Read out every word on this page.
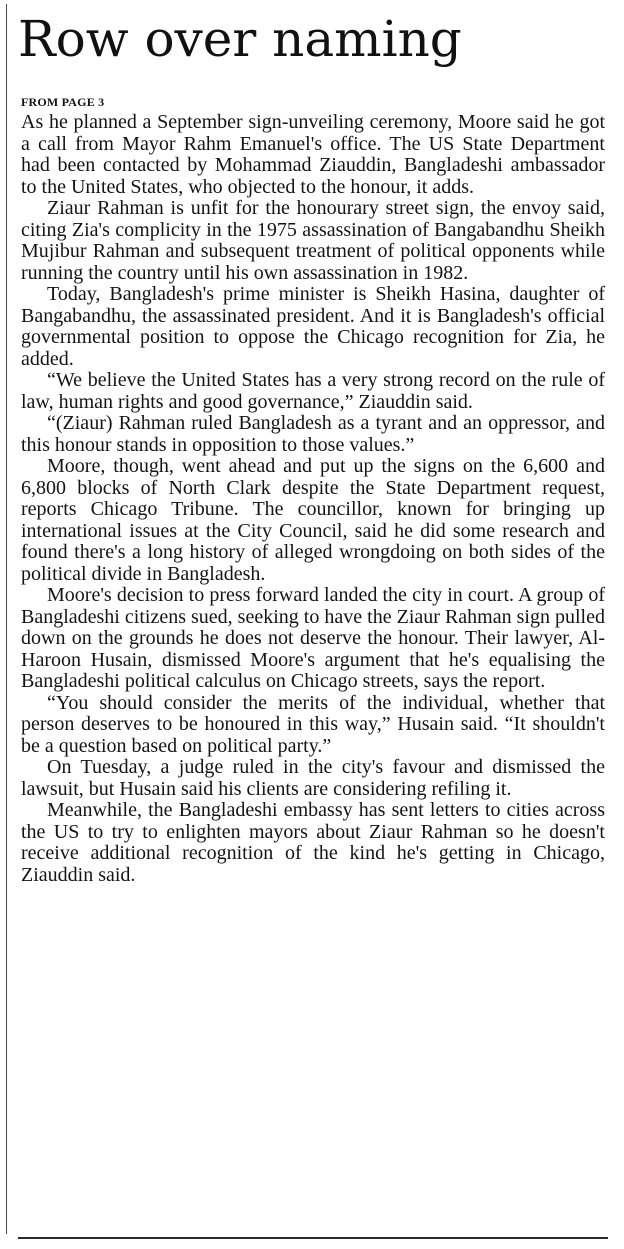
Row over naming
FROM PAGE 3

As he planned a September sign-unveiling ceremony, Moore said he got a call from Mayor Rahm Emanuel's office. The US State Department had been contacted by Mohammad Ziauddin, Bangladeshi ambassador to the United States, who objected to the honour, it adds.

Ziaur Rahman is unfit for the honourary street sign, the envoy said, citing Zia's complicity in the 1975 assassination of Bangabandhu Sheikh Mujibur Rahman and subsequent treatment of political opponents while running the country until his own assassination in 1982.

Today, Bangladesh's prime minister is Sheikh Hasina, daughter of Bangabandhu, the assassinated president. And it is Bangladesh's official governmental position to oppose the Chicago recognition for Zia, he added.

“We believe the United States has a very strong record on the rule of law, human rights and good governance,” Ziauddin said.

“(Ziaur) Rahman ruled Bangladesh as a tyrant and an oppressor, and this honour stands in opposition to those values.”

Moore, though, went ahead and put up the signs on the 6,600 and 6,800 blocks of North Clark despite the State Department request, reports Chicago Tribune. The councillor, known for bringing up international issues at the City Council, said he did some research and found there's a long history of alleged wrongdoing on both sides of the political divide in Bangladesh.

Moore's decision to press forward landed the city in court. A group of Bangladeshi citizens sued, seeking to have the Ziaur Rahman sign pulled down on the grounds he does not deserve the honour. Their lawyer, Al-Haroon Husain, dismissed Moore's argument that he's equalising the Bangladeshi political calculus on Chicago streets, says the report.

“You should consider the merits of the individual, whether that person deserves to be honoured in this way,” Husain said. “It shouldn't be a question based on political party.”

On Tuesday, a judge ruled in the city's favour and dismissed the lawsuit, but Husain said his clients are considering refiling it.

Meanwhile, the Bangladeshi embassy has sent letters to cities across the US to try to enlighten mayors about Ziaur Rahman so he doesn't receive additional recognition of the kind he's getting in Chicago, Ziauddin said.
